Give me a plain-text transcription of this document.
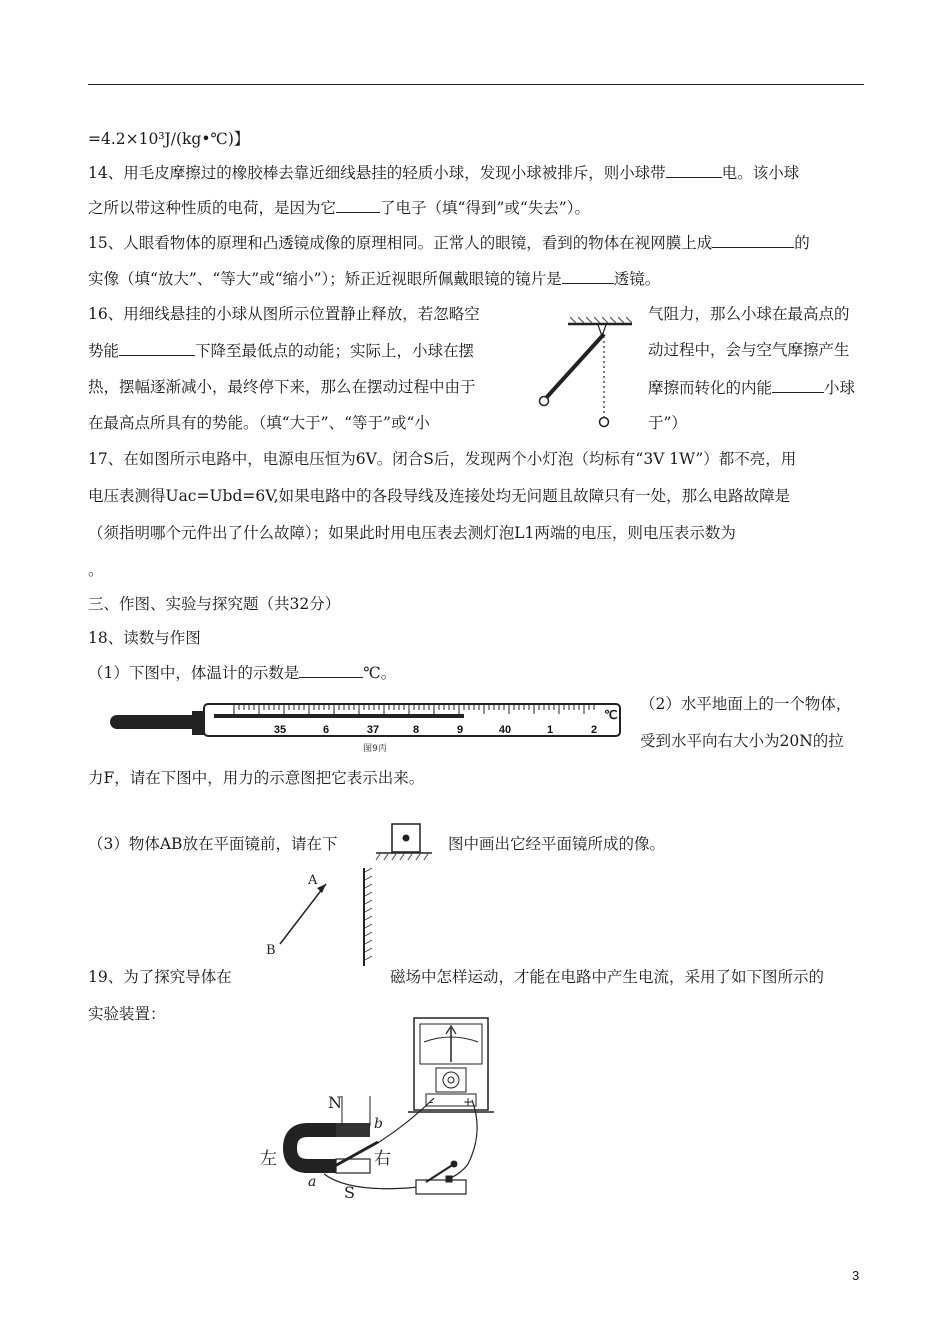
=4.2×10³J/(kg•℃)】
14、用毛皮摩擦过的橡胶棒去靠近细线悬挂的轻质小球，发现小球被排斥，则小球带	电。该小球
之所以带这种性质的电荷，是因为它	了电子（填“得到”或“失去”）。
15、人眼看物体的原理和凸透镜成像的原理相同。正常人的眼镜，看到的物体在视网膜上成	的
实像（填“放大”、“等大”或“缩小”）；矫正近视眼所佩戴眼镜的镜片是	透镜。
16、用细线悬挂的小球从图所示位置静止释放，若忽略空
势能	下降至最低点的动能；实际上，小球在摆
热，摆幅逐渐减小，最终停下来，那么在摆动过程中由于
在最高点所具有的势能。（填“大于”、“等于”或“小
气阻力，那么小球在最高点的
动过程中，会与空气摩擦产生
摩擦而转化的内能	小球
于”）
17、在如图所示电路中，电源电压恒为6V。闭合S后，发现两个小灯泡（均标有“3V 1W”）都不亮，用
电压表测得Uac=Ubd=6V,如果电路中的各段导线及连接处均无问题且故障只有一处，那么电路故障是
（须指明哪个元件出了什么故障）；如果此时用电压表去测灯泡L1两端的电压，则电压表示数为
。
三、作图、实验与探究题（共32分）
18、读数与作图
（1）下图中，体温计的示数是	℃。
35	6	37	8	9	40	1	2
℃
图9丙
（2）水平地面上的一个物体，
受到水平向右大小为20N的拉
力F，请在下图中，用力的示意图把它表示出来。
（3）物体AB放在平面镜前，请在下	图中画出它经平面镜所成的像。
A
B
19、为了探究导体在	磁场中怎样运动，才能在电路中产生电流，采用了如下图所示的
实验装置：
- +
N
S
a
b
左	右
3
